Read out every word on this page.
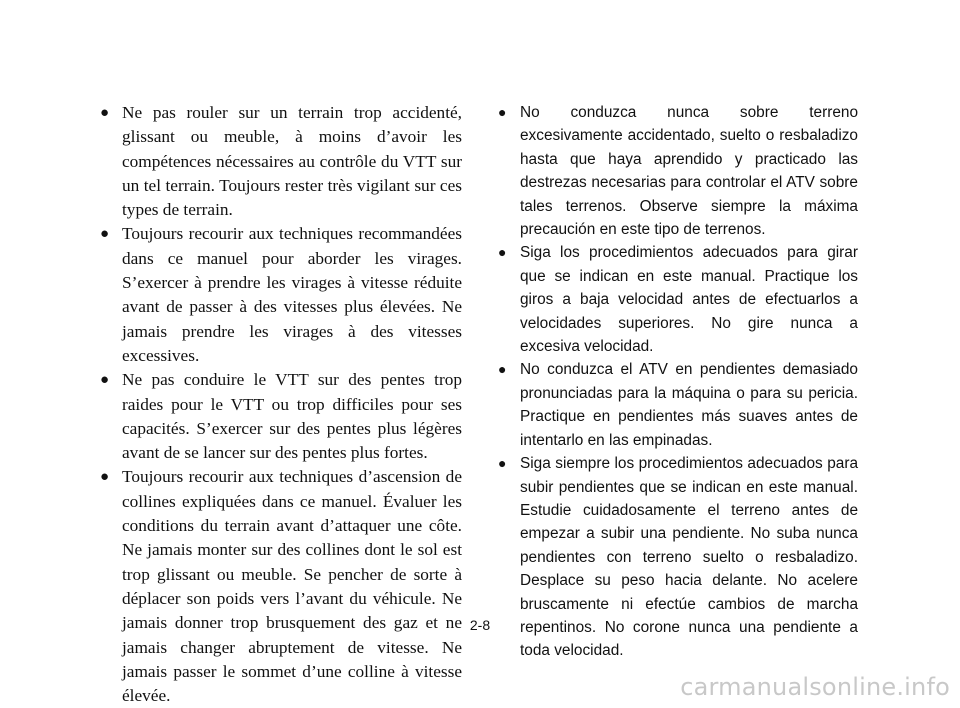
● Ne pas rouler sur un terrain trop accidenté, glissant ou meuble, à moins d’avoir les compétences nécessaires au contrôle du VTT sur un tel terrain. Toujours rester très vigilant sur ces types de terrain.
● Toujours recourir aux techniques recommandées dans ce manuel pour aborder les virages. S’exercer à prendre les virages à vitesse réduite avant de passer à des vitesses plus élevées. Ne jamais prendre les virages à des vitesses excessives.
● Ne pas conduire le VTT sur des pentes trop raides pour le VTT ou trop difficiles pour ses capacités. S’exercer sur des pentes plus légères avant de se lancer sur des pentes plus fortes.
● Toujours recourir aux techniques d’ascension de collines expliquées dans ce manuel. Évaluer les conditions du terrain avant d’attaquer une côte. Ne jamais monter sur des collines dont le sol est trop glissant ou meuble. Se pencher de sorte à déplacer son poids vers l’avant du véhicule. Ne jamais donner trop brusquement des gaz et ne jamais changer abruptement de vitesse. Ne jamais passer le sommet d’une colline à vitesse élevée.
● No conduzca nunca sobre terreno excesivamente accidentado, suelto o resbaladizo hasta que haya aprendido y practicado las destrezas necesarias para controlar el ATV sobre tales terrenos. Observe siempre la máxima precaución en este tipo de terrenos.
● Siga los procedimientos adecuados para girar que se indican en este manual. Practique los giros a baja velocidad antes de efectuarlos a velocidades superiores. No gire nunca a excesiva velocidad.
● No conduzca el ATV en pendientes demasiado pronunciadas para la máquina o para su pericia. Practique en pendientes más suaves antes de intentarlo en las empinadas.
● Siga siempre los procedimientos adecuados para subir pendientes que se indican en este manual. Estudie cuidadosamente el terreno antes de empezar a subir una pendiente. No suba nunca pendientes con terreno suelto o resbaladizo. Desplace su peso hacia delante. No acelere bruscamente ni efectúe cambios de marcha repentinos. No corone nunca una pendiente a toda velocidad.
2-8
carmanualsonline.info
